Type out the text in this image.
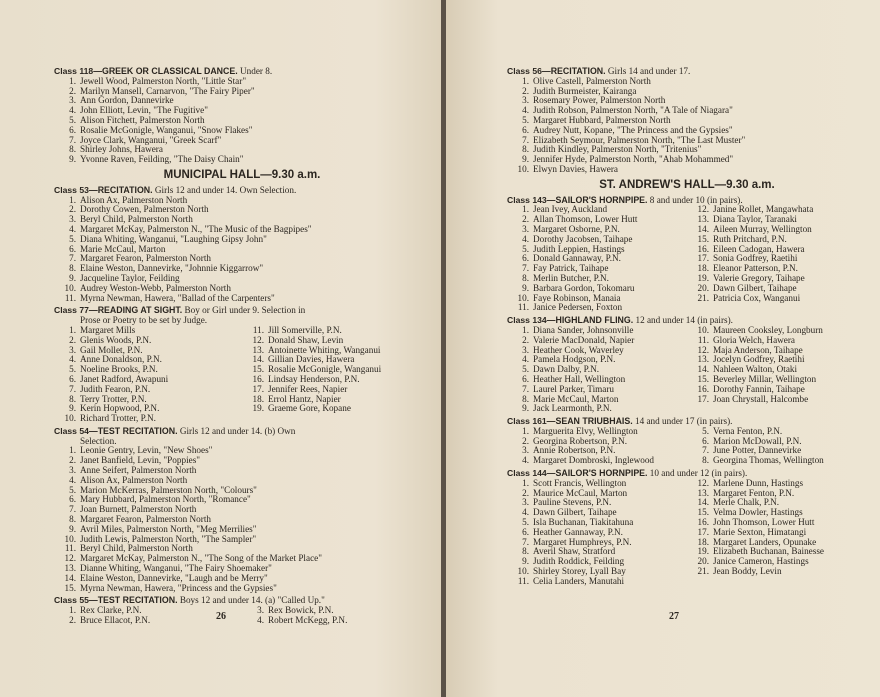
Class 118—GREEK OR CLASSICAL DANCE. Under 8.
1. Jewell Wood, Palmerston North, "Little Star"
2. Marilyn Mansell, Carnarvon, "The Fairy Piper"
3. Ann Gordon, Dannevirke
4. John Elliott, Levin, "The Fugitive"
5. Alison Fitchett, Palmerston North
6. Rosalie McGonigle, Wanganui, "Snow Flakes"
7. Joyce Clark, Wanganui, "Greek Scarf"
8. Shirley Johns, Hawera
9. Yvonne Raven, Feilding, "The Daisy Chain"
MUNICIPAL HALL—9.30 a.m.
Class 53—RECITATION. Girls 12 and under 14. Own Selection.
1. Alison Ax, Palmerston North
2. Dorothy Cowen, Palmerston North
3. Beryl Child, Palmerston North
4. Margaret McKay, Palmerston N., "The Music of the Bagpipes"
5. Diana Whiting, Wanganui, "Laughing Gipsy John"
6. Marie McCaul, Marton
7. Margaret Fearon, Palmerston North
8. Elaine Weston, Dannevirke, "Johnnie Kiggarrow"
9. Jacqueline Taylor, Feilding
10. Audrey Weston-Webb, Palmerston North
11. Myrna Newman, Hawera, "Ballad of the Carpenters"
Class 77—READING AT SIGHT. Boy or Girl under 9. Selection in
Prose or Poetry to be set by Judge.
1. Margaret Mills
2. Glenis Woods, P.N.
3. Gail Mollet, P.N.
4. Anne Donaldson, P.N.
5. Noeline Brooks, P.N.
6. Janet Radford, Awapuni
7. Judith Fearon, P.N.
8. Terry Trotter, P.N.
9. Kerin Hopwood, P.N.
10. Richard Trotter, P.N.
11. Jill Somerville, P.N.
12. Donald Shaw, Levin
13. Antoinette Whiting, Wanganui
14. Gillian Davies, Hawera
15. Rosalie McGonigle, Wanganui
16. Lindsay Henderson, P.N.
17. Jennifer Rees, Napier
18. Errol Hantz, Napier
19. Graeme Gore, Kopane
Class 54—TEST RECITATION. Girls 12 and under 14. (b) Own
Selection.
1. Leonie Gentry, Levin, "New Shoes"
2. Janet Banfield, Levin, "Poppies"
3. Anne Seifert, Palmerston North
4. Alison Ax, Palmerston North
5. Marion McKerras, Palmerston North, "Colours"
6. Mary Hubbard, Palmerston North, "Romance"
7. Joan Burnett, Palmerston North
8. Margaret Fearon, Palmerston North
9. Avril Miles, Palmerston North, "Meg Merrilies"
10. Judith Lewis, Palmerston North, "The Sampler"
11. Beryl Child, Palmerston North
12. Margaret McKay, Palmerston N., "The Song of the Market Place"
13. Dianne Whiting, Wanganui, "The Fairy Shoemaker"
14. Elaine Weston, Dannevirke, "Laugh and be Merry"
15. Myrna Newman, Hawera, "Princess and the Gypsies"
Class 55—TEST RECITATION. Boys 12 and under 14. (a) "Called Up."
1. Rex Clarke, P.N.
2. Bruce Ellacot, P.N.
3. Rex Bowick, P.N.
4. Robert McKegg, P.N.
26
Class 56—RECITATION. Girls 14 and under 17.
1. Olive Castell, Palmerston North
2. Judith Burmeister, Kairanga
3. Rosemary Power, Palmerston North
4. Judith Robson, Palmerston North, "A Tale of Niagara"
5. Margaret Hubbard, Palmerston North
6. Audrey Nutt, Kopane, "The Princess and the Gypsies"
7. Elizabeth Seymour, Palmerston North, "The Last Muster"
8. Judith Kindley, Palmerston North, "Tritenius"
9. Jennifer Hyde, Palmerston North, "Ahab Mohammed"
10. Elwyn Davies, Hawera
ST. ANDREW'S HALL—9.30 a.m.
Class 143—SAILOR'S HORNPIPE. 8 and under 10 (in pairs).
1. Jean Ivey, Auckland
2. Allan Thomson, Lower Hutt
3. Margaret Osborne, P.N.
4. Dorothy Jacobsen, Taihape
5. Judith Leppien, Hastings
6. Donald Gannaway, P.N.
7. Fay Patrick, Taihape
8. Merlin Butcher, P.N.
9. Barbara Gordon, Tokomaru
10. Faye Robinson, Manaia
11. Janice Pedersen, Foxton
12. Janine Rollet, Mangawhata
13. Diana Taylor, Taranaki
14. Aileen Murray, Wellington
15. Ruth Pritchard, P.N.
16. Eileen Cadogan, Hawera
17. Sonia Godfrey, Raetihi
18. Eleanor Patterson, P.N.
19. Valerie Gregory, Taihape
20. Dawn Gilbert, Taihape
21. Patricia Cox, Wanganui
Class 134—HIGHLAND FLING. 12 and under 14 (in pairs).
1. Diana Sander, Johnsonville
2. Valerie MacDonald, Napier
3. Heather Cook, Waverley
4. Pamela Hodgson, P.N.
5. Dawn Dalby, P.N.
6. Heather Hall, Wellington
7. Laurel Parker, Timaru
8. Marie McCaul, Marton
9. Jack Learmonth, P.N.
10. Maureen Cooksley, Longburn
11. Gloria Welch, Hawera
12. Maja Anderson, Taihape
13. Jocelyn Godfrey, Raetihi
14. Nahleen Walton, Otaki
15. Beverley Millar, Wellington
16. Dorothy Fannin, Taihape
17. Joan Chrystall, Halcombe
Class 161—SEAN TRIUBHAIS. 14 and under 17 (in pairs).
1. Marguerita Elvy, Wellington
2. Georgina Robertson, P.N.
3. Annie Robertson, P.N.
4. Margaret Dombroski, Inglewood
5. Verna Fenton, P.N.
6. Marion McDowall, P.N.
7. June Potter, Dannevirke
8. Georgina Thomas, Wellington
Class 144—SAILOR'S HORNPIPE. 10 and under 12 (in pairs).
1. Scott Francis, Wellington
2. Maurice McCaul, Marton
3. Pauline Stevens, P.N.
4. Dawn Gilbert, Taihape
5. Isla Buchanan, Tiakitahuna
6. Heather Gannaway, P.N.
7. Margaret Humphreys, P.N.
8. Averil Shaw, Stratford
9. Judith Roddick, Feilding
10. Shirley Storey, Lyall Bay
11. Celia Landers, Manutahi
12. Marlene Dunn, Hastings
13. Margaret Fenton, P.N.
14. Merle Chalk, P.N.
15. Velma Dowler, Hastings
16. John Thomson, Lower Hutt
17. Marie Sexton, Himatangi
18. Margaret Landers, Opunake
19. Elizabeth Buchanan, Bainesse
20. Janice Cameron, Hastings
21. Jean Boddy, Levin
27
